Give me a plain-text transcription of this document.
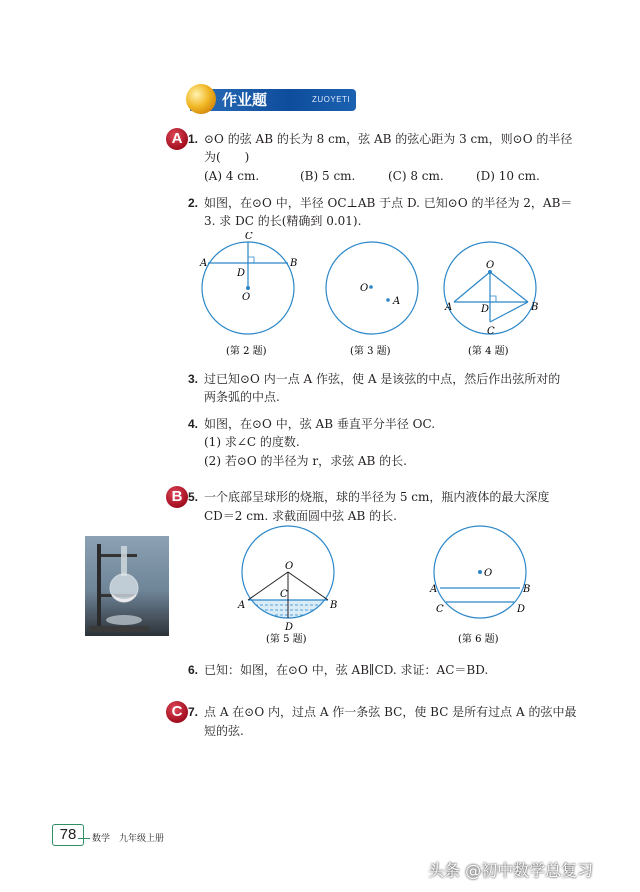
作业题	ZUOYETI
A 1. ⊙O 的弦 AB 的长为 8 cm，弦 AB 的弦心距为 3 cm，则⊙O 的半径
为(　　)
(A) 4 cm.	(B) 5 cm.	(C) 8 cm.	(D) 10 cm.
2. 如图，在⊙O 中，半径 OC⊥AB 于点 D. 已知⊙O 的半径为 2，AB＝
3. 求 DC 的长(精确到 0.01).
C
A	B
D
O
(第 2 题)
O
A
(第 3 题)
O
A	B
D
C
(第 4 题)
3. 过已知⊙O 内一点 A 作弦，使 A 是该弦的中点，然后作出弦所对的
两条弧的中点.
4. 如图，在⊙O 中，弦 AB 垂直平分半径 OC.
(1) 求∠C 的度数.
(2) 若⊙O 的半径为 r，求弦 AB 的长.
B 5. 一个底部呈球形的烧瓶，球的半径为 5 cm，瓶内液体的最大深度
CD＝2 cm. 求截面圆中弦 AB 的长.
O
A	B
C
D
(第 5 题)
O
A	B
C	D
(第 6 题)
6. 已知：如图，在⊙O 中，弦 AB∥CD. 求证：AC＝BD.
C 7. 点 A 在⊙O 内，过点 A 作一条弦 BC，使 BC 是所有过点 A 的弦中最
短的弦.
78	数学　九年级上册
头条 @初中数学总复习
